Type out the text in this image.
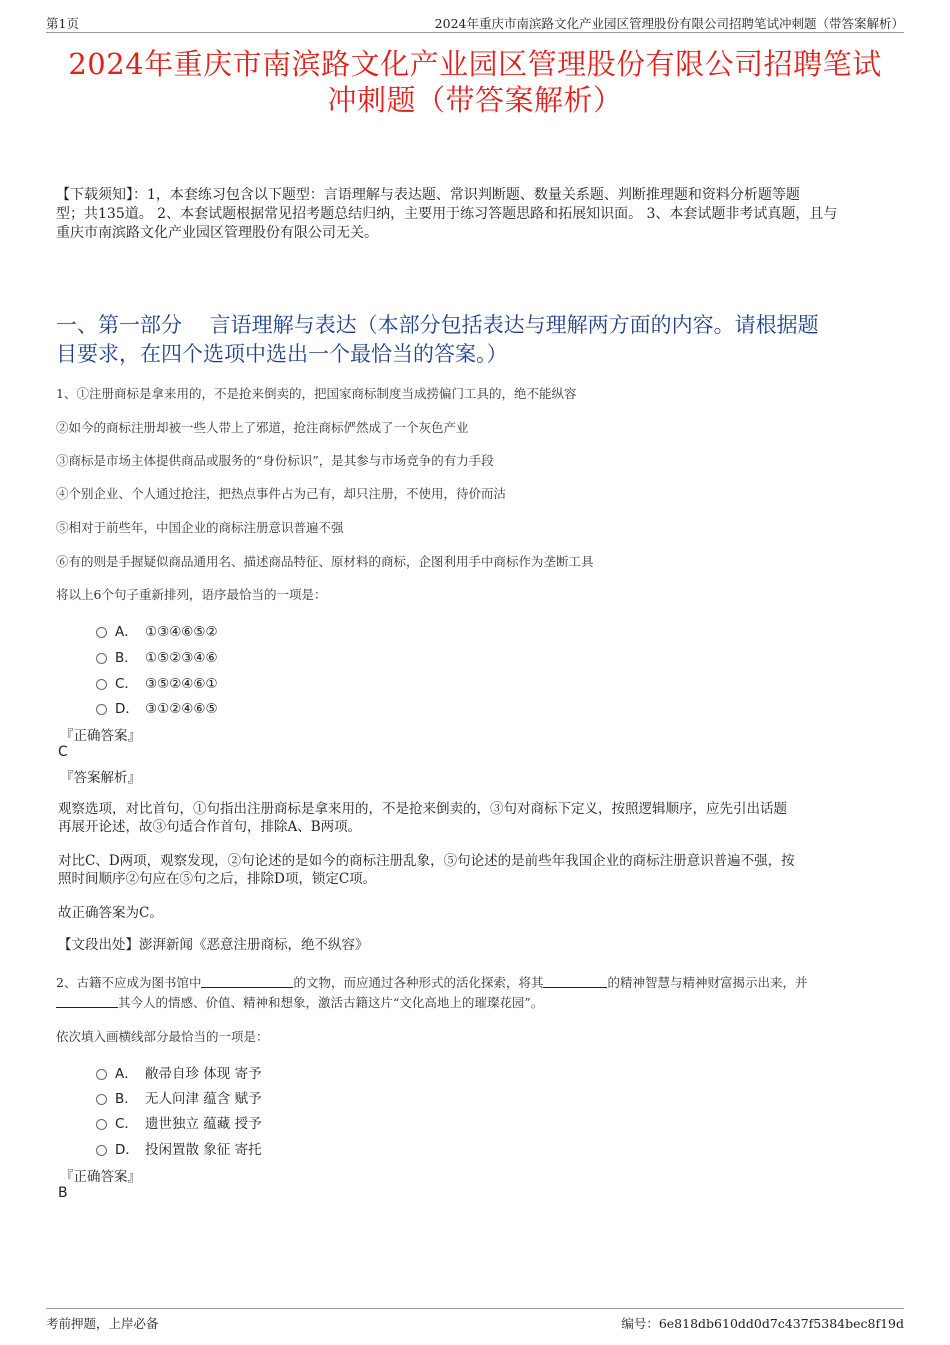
第1页	2024年重庆市南滨路文化产业园区管理股份有限公司招聘笔试冲刺题（带答案解析）
2024年重庆市南滨路文化产业园区管理股份有限公司招聘笔试
冲刺题（带答案解析）
【下载须知】：1，本套练习包含以下题型：言语理解与表达题、常识判断题、数量关系题、判断推理题和资料分析题等题
型；共135道。 2、本套试题根据常见招考题总结归纳，主要用于练习答题思路和拓展知识面。 3、本套试题非考试真题，且与
重庆市南滨路文化产业园区管理股份有限公司无关。
一、第一部分　 言语理解与表达（本部分包括表达与理解两方面的内容。请根据题
目要求，在四个选项中选出一个最恰当的答案。）
1、①注册商标是拿来用的，不是抢来倒卖的，把国家商标制度当成捞偏门工具的，绝不能纵容
②如今的商标注册却被一些人带上了邪道，抢注商标俨然成了一个灰色产业
③商标是市场主体提供商品或服务的“身份标识”，是其参与市场竞争的有力手段
④个别企业、个人通过抢注，把热点事件占为己有，却只注册，不使用，待价而沽
⑤相对于前些年，中国企业的商标注册意识普遍不强
⑥有的则是手握疑似商品通用名、描述商品特征、原材料的商标，企图利用手中商标作为垄断工具
将以上6个句子重新排列，语序最恰当的一项是：
A． ①③④⑥⑤②
B． ①⑤②③④⑥
C． ③⑤②④⑥①
D． ③①②④⑥⑤
『正确答案』
C
『答案解析』
观察选项，对比首句，①句指出注册商标是拿来用的，不是抢来倒卖的，③句对商标下定义，按照逻辑顺序，应先引出话题
再展开论述，故③句适合作首句，排除A、B两项。
对比C、D两项，观察发现，②句论述的是如今的商标注册乱象，⑤句论述的是前些年我国企业的商标注册意识普遍不强，按
照时间顺序②句应在⑤句之后，排除D项，锁定C项。
故正确答案为C。
【文段出处】澎湃新闻《恶意注册商标，绝不纵容》
2、古籍不应成为图书馆中	的文物，而应通过各种形式的活化探索，将其	的精神智慧与精神财富揭示出来，并
其今人的情感、价值、精神和想象，激活古籍这片“文化高地上的璀璨花园”。
依次填入画横线部分最恰当的一项是：
A． 敝帚自珍 体现 寄予
B． 无人问津 蕴含 赋予
C． 遗世独立 蕴藏 授予
D． 投闲置散 象征 寄托
『正确答案』
B
考前押题，上岸必备	编号：6e818db610dd0d7c437f5384bec8f19d
